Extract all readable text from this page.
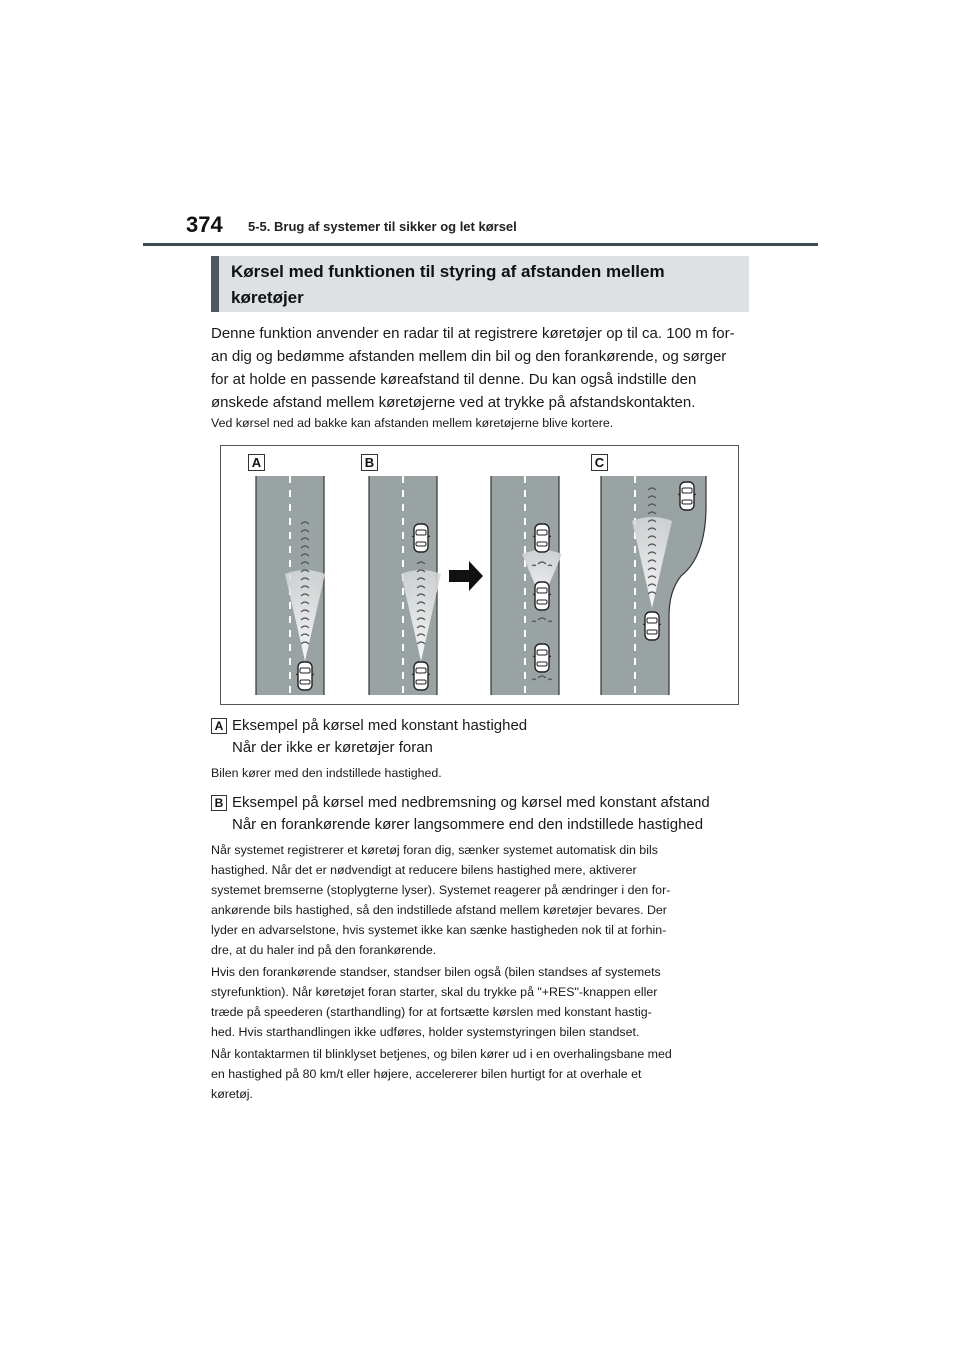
374 5-5. Brug af systemer til sikker og let kørsel
Kørsel med funktionen til styring af afstanden mellem
køretøjer

Denne funktion anvender en radar til at registrere køretøjer op til ca. 100 m for-

an dig og bedømme afstanden mellem din bil og den forankørende, og sørger

for at holde en passende køreafstand til denne. Du kan også indstille den

ønskede afstand mellem køretøjerne ved at trykke på afstandskontakten.

Ved kørsel ned ad bakke kan afstanden mellem køretøjerne blive kortere.

A	B	C
A Eksempel på kørsel med konstant hastighed

Når der ikke er køretøjer foran

Bilen kører med den indstillede hastighed.

B Eksempel på kørsel med nedbremsning og kørsel med konstant afstand

Når en forankørende kører langsommere end den indstillede hastighed

Når systemet registrerer et køretøj foran dig, sænker systemet automatisk din bils

hastighed. Når det er nødvendigt at reducere bilens hastighed mere, aktiverer

systemet bremserne (stoplygterne lyser). Systemet reagerer på ændringer i den for-

ankørende bils hastighed, så den indstillede afstand mellem køretøjer bevares. Der

lyder en advarselstone, hvis systemet ikke kan sænke hastigheden nok til at forhin-

dre, at du haler ind på den forankørende.

Hvis den forankørende standser, standser bilen også (bilen standses af systemets

styrefunktion). Når køretøjet foran starter, skal du trykke på "+RES"-knappen eller

træde på speederen (starthandling) for at fortsætte kørslen med konstant hastig-

hed. Hvis starthandlingen ikke udføres, holder systemstyringen bilen standset.

Når kontaktarmen til blinklyset betjenes, og bilen kører ud i en overhalingsbane med

en hastighed på 80 km/t eller højere, accelererer bilen hurtigt for at overhale et

køretøj.
